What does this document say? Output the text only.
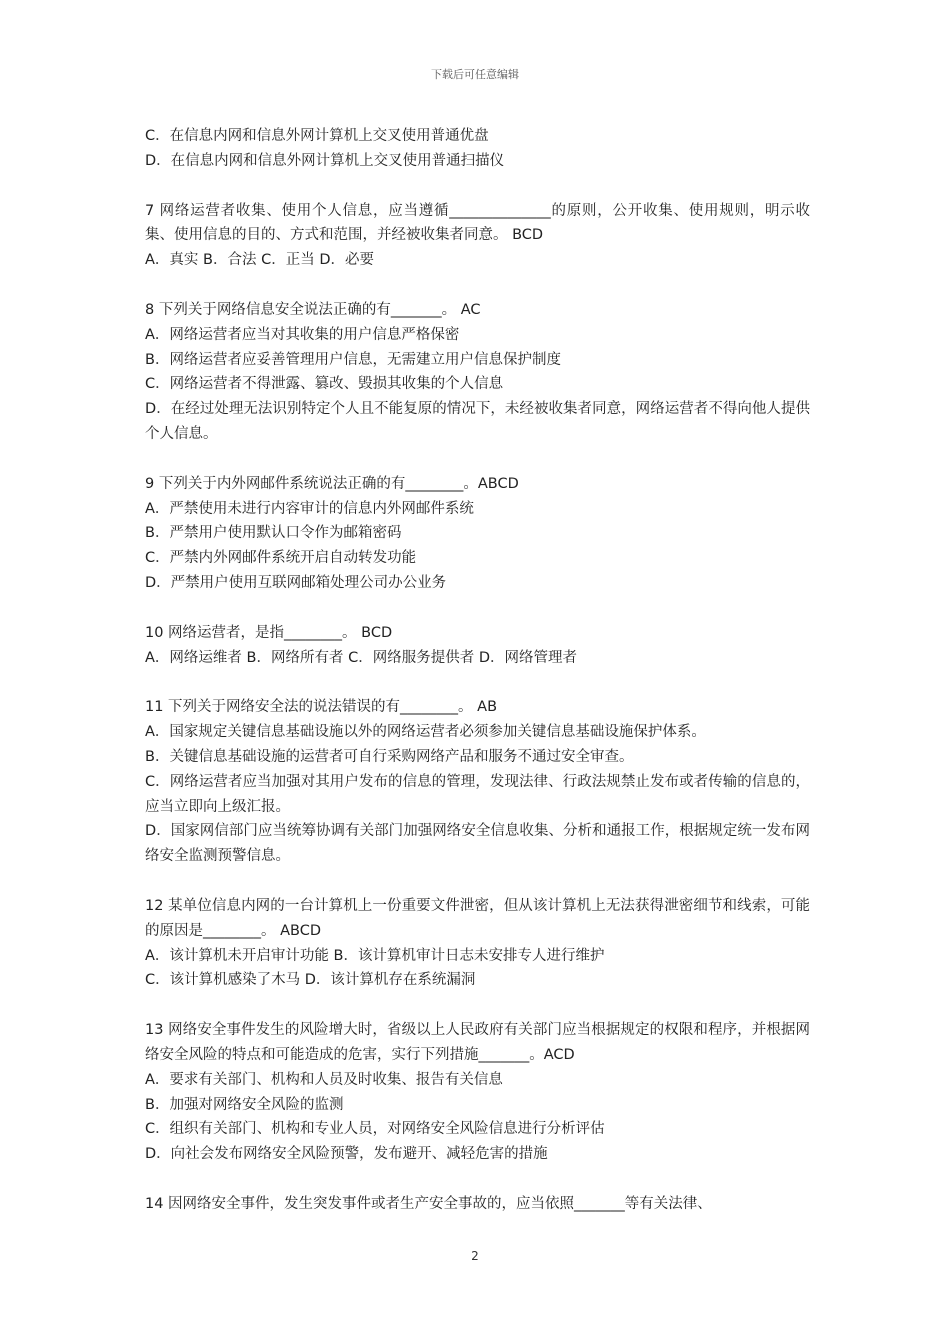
下载后可任意编辑

C．在信息内网和信息外网计算机上交叉使用普通优盘

D．在信息内网和信息外网计算机上交叉使用普通扫描仪

7 网络运营者收集、使用个人信息，应当遵循______________的原则，公开收集、使用规则，明示收集、使用信息的目的、方式和范围，并经被收集者同意。 BCD

A．真实 B．合法 C．正当 D．必要

8 下列关于网络信息安全说法正确的有_______。 AC

A．网络运营者应当对其收集的用户信息严格保密

B．网络运营者应妥善管理用户信息，无需建立用户信息保护制度

C．网络运营者不得泄露、篡改、毁损其收集的个人信息

D．在经过处理无法识别特定个人且不能复原的情况下，未经被收集者同意，网络运营者不得向他人提供个人信息。

9 下列关于内外网邮件系统说法正确的有________。ABCD

A．严禁使用未进行内容审计的信息内外网邮件系统

B．严禁用户使用默认口令作为邮箱密码

C．严禁内外网邮件系统开启自动转发功能

D．严禁用户使用互联网邮箱处理公司办公业务

10 网络运营者，是指________。 BCD

A．网络运维者 B．网络所有者 C．网络服务提供者 D．网络管理者

11 下列关于网络安全法的说法错误的有________。 AB

A．国家规定关键信息基础设施以外的网络运营者必须参加关键信息基础设施保护体系。

B．关键信息基础设施的运营者可自行采购网络产品和服务不通过安全审查。

C．网络运营者应当加强对其用户发布的信息的管理，发现法律、行政法规禁止发布或者传输的信息的，应当立即向上级汇报。

D．国家网信部门应当统筹协调有关部门加强网络安全信息收集、分析和通报工作，根据规定统一发布网络安全监测预警信息。

12 某单位信息内网的一台计算机上一份重要文件泄密，但从该计算机上无法获得泄密细节和线索，可能的原因是________。 ABCD

A．该计算机未开启审计功能 B．该计算机审计日志未安排专人进行维护

C．该计算机感染了木马 D．该计算机存在系统漏洞

13 网络安全事件发生的风险增大时，省级以上人民政府有关部门应当根据规定的权限和程序，并根据网络安全风险的特点和可能造成的危害，实行下列措施_______。ACD

A．要求有关部门、机构和人员及时收集、报告有关信息

B．加强对网络安全风险的监测

C．组织有关部门、机构和专业人员，对网络安全风险信息进行分析评估

D．向社会发布网络安全风险预警，发布避开、减轻危害的措施

14 因网络安全事件，发生突发事件或者生产安全事故的，应当依照_______等有关法律、

2
